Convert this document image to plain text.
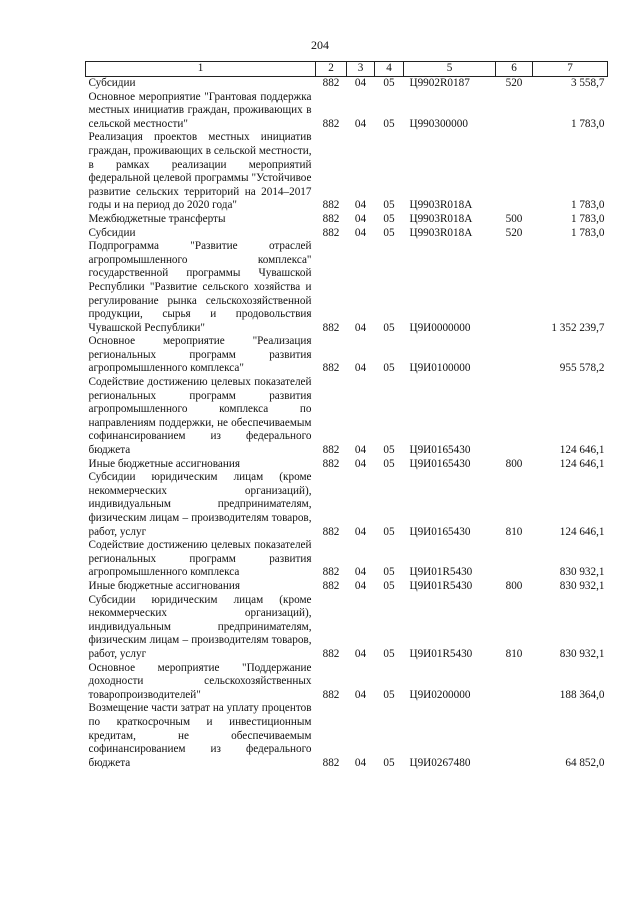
204
1	2	3	4	5	6	7
Субсидии	882	04	05	Ц9902R0187	520	3 558,7
Основное мероприятие "Грантовая поддержка местных инициатив граждан, проживающих в сельской местности"	882	04	05	Ц990300000		1 783,0
Реализация проектов местных инициатив граждан, проживающих в сельской местности, в рамках реализации мероприятий федеральной целевой программы "Устойчивое развитие сельских территорий на 2014–2017 годы и на период до 2020 года"	882	04	05	Ц9903R018A		1 783,0
Межбюджетные трансферты	882	04	05	Ц9903R018A	500	1 783,0
Субсидии	882	04	05	Ц9903R018A	520	1 783,0
Подпрограмма "Развитие отраслей агропромышленного комплекса" государственной программы Чувашской Республики "Развитие сельского хозяйства и регулирование рынка сельскохозяйственной продукции, сырья и продовольствия Чувашской Республики"	882	04	05	Ц9И0000000		1 352 239,7
Основное мероприятие "Реализация региональных программ развития агропромышленного комплекса"	882	04	05	Ц9И0100000		955 578,2
Содействие достижению целевых показателей региональных программ развития агропромышленного комплекса по направлениям поддержки, не обеспечиваемым софинансированием из федерального бюджета	882	04	05	Ц9И0165430		124 646,1
Иные бюджетные ассигнования	882	04	05	Ц9И0165430	800	124 646,1
Субсидии юридическим лицам (кроме некоммерческих организаций), индивидуальным предпринимателям, физическим лицам – производителям товаров, работ, услуг	882	04	05	Ц9И0165430	810	124 646,1
Содействие достижению целевых показателей региональных программ развития агропромышленного комплекса	882	04	05	Ц9И01R5430		830 932,1
Иные бюджетные ассигнования	882	04	05	Ц9И01R5430	800	830 932,1
Субсидии юридическим лицам (кроме некоммерческих организаций), индивидуальным предпринимателям, физическим лицам – производителям товаров, работ, услуг	882	04	05	Ц9И01R5430	810	830 932,1
Основное мероприятие "Поддержание доходности сельскохозяйственных товаропроизводителей"	882	04	05	Ц9И0200000		188 364,0
Возмещение части затрат на уплату процентов по краткосрочным и инвестиционным кредитам, не обеспечиваемым софинансированием из федерального бюджета	882	04	05	Ц9И0267480		64 852,0
